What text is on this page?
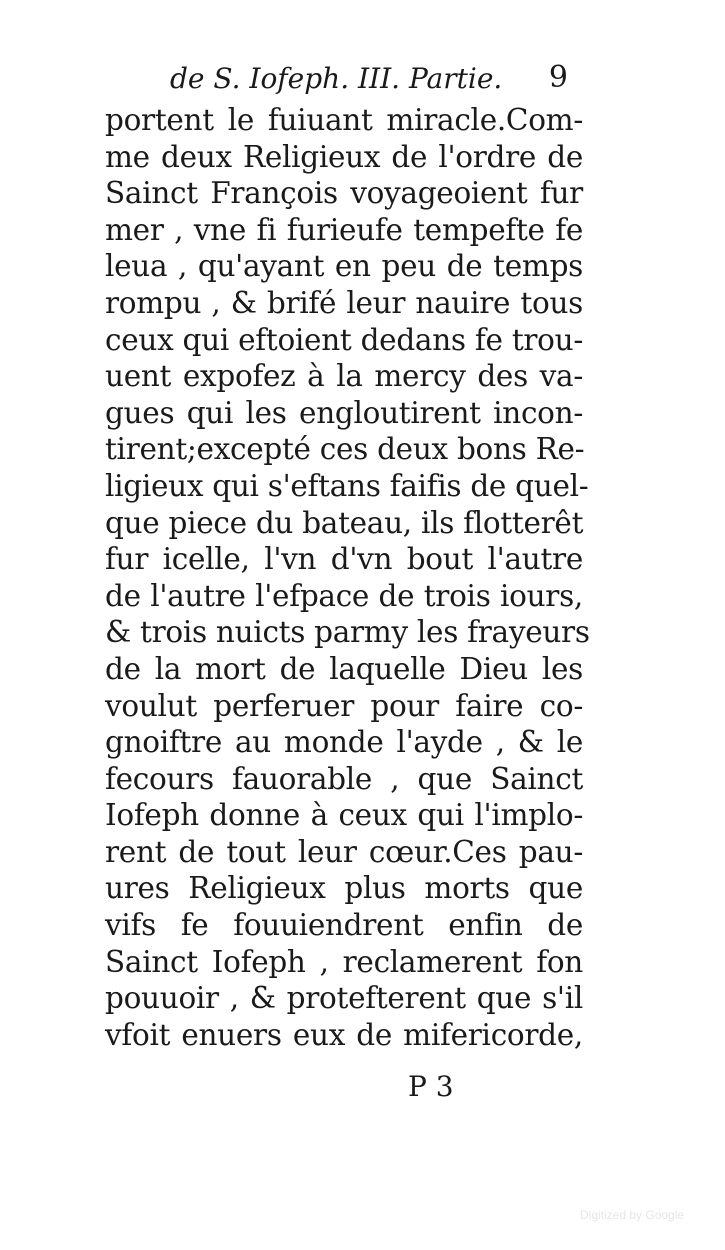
de S. Iofeph. III. Partie. 9
portent le fuiuant miracle.Com-
me deux Religieux de l'ordre de
Sainct François voyageoient fur
mer , vne fi furieufe tempefte fe
leua , qu'ayant en peu de temps
rompu , & brifé leur nauire tous
ceux qui eftoient dedans fe trou-
uent expofez à la mercy des va-
gues qui les engloutirent incon-
tirent;excepté ces deux bons Re-
ligieux qui s'eftans faifis de quel-
que piece du bateau, ils flotterêt
fur icelle, l'vn d'vn bout l'autre
de l'autre l'efpace de trois iours,
& trois nuicts parmy les frayeurs
de la mort de laquelle Dieu les
voulut perferuer pour faire co-
gnoiftre au monde l'ayde , & le
fecours fauorable , que Sainct
Iofeph donne à ceux qui l'implo-
rent de tout leur cœur.Ces pau-
ures Religieux plus morts que
vifs fe fouuiendrent enfin de
Sainct Iofeph , reclamerent fon
pouuoir , & protefterent que s'il
vfoit enuers eux de mifericorde,
P 3
Digitized by Google
